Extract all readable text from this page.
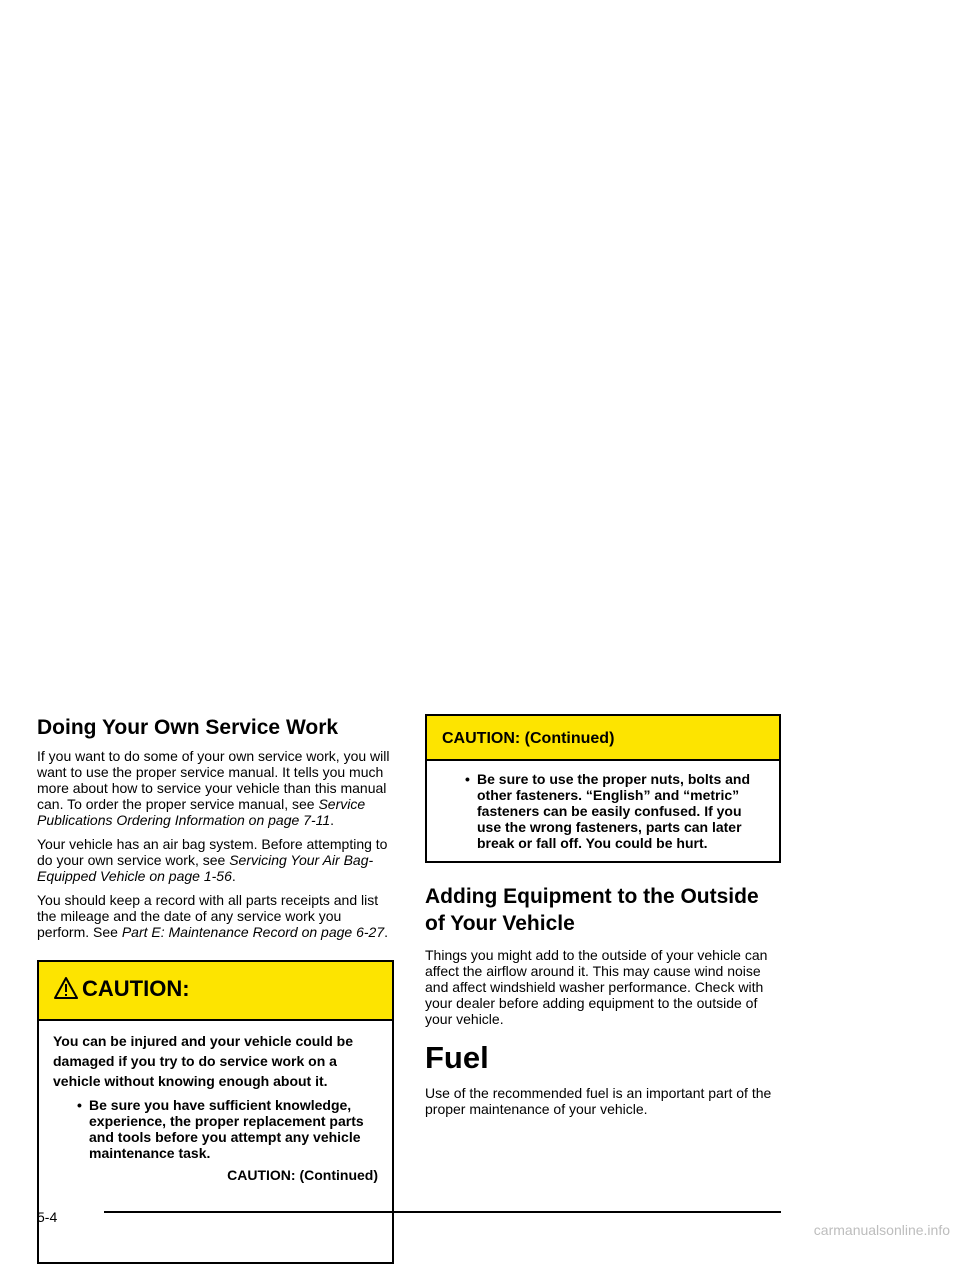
Doing Your Own Service Work

If you want to do some of your own service work, you will want to use the proper service manual. It tells you much more about how to service your vehicle than this manual can. To order the proper service manual, see Service Publications Ordering Information on page 7-11.

Your vehicle has an air bag system. Before attempting to do your own service work, see Servicing Your Air Bag-Equipped Vehicle on page 1-56.

You should keep a record with all parts receipts and list the mileage and the date of any service work you perform. See Part E: Maintenance Record on page 6-27.

CAUTION:

You can be injured and your vehicle could be damaged if you try to do service work on a vehicle without knowing enough about it.

• Be sure you have sufficient knowledge, experience, the proper replacement parts and tools before you attempt any vehicle maintenance task.

CAUTION: (Continued)

CAUTION: (Continued)

• Be sure to use the proper nuts, bolts and other fasteners. “English” and “metric” fasteners can be easily confused. If you use the wrong fasteners, parts can later break or fall off. You could be hurt.

Adding Equipment to the Outside of Your Vehicle

Things you might add to the outside of your vehicle can affect the airflow around it. This may cause wind noise and affect windshield washer performance. Check with your dealer before adding equipment to the outside of your vehicle.

Fuel

Use of the recommended fuel is an important part of the proper maintenance of your vehicle.

5-4
carmanualsonline.info
